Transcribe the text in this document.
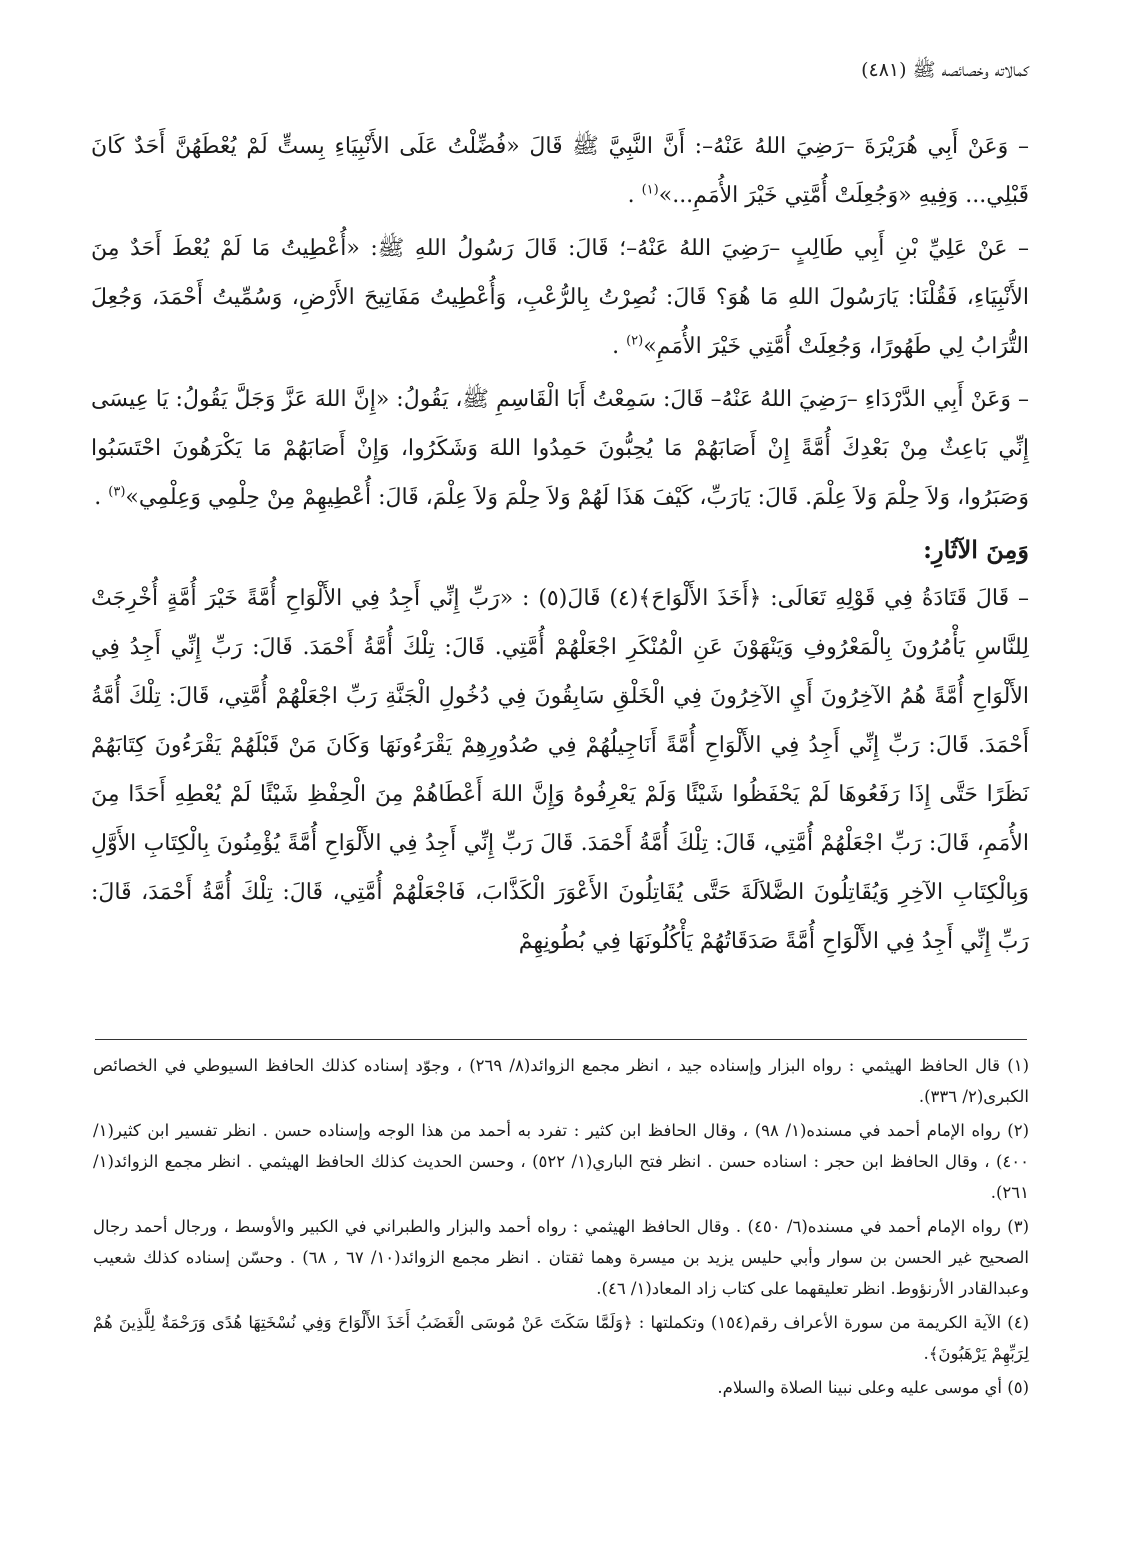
كمالاته وخصائصه ﷺ (٤٨١)

– وَعَنْ أَبِي هُرَيْرَةَ –رَضِيَ اللهُ عَنْهُ–: أَنَّ النَّبِيَّ ﷺ قَالَ «فُضِّلْتُ عَلَى الأَنْبِيَاءِ بِستٍّ لَمْ يُعْطَهُنَّ أَحَدٌ كَانَ قَبْلِي... وَفِيهِ «وَجُعِلَتْ أُمَّتِي خَيْرَ الأُمَمِ...»$^{(١)}$ .

– عَنْ عَلِيِّ بْنِ أَبِي طَالِبٍ –رَضِيَ اللهُ عَنْهُ–؛ قَالَ: قَالَ رَسُولُ اللهِ ﷺ: «أُعْطِيتُ مَا لَمْ يُعْطَ أَحَدٌ مِنَ الأَنْبِيَاءِ، فَقُلْنَا: يَارَسُولَ اللهِ مَا هُوَ؟ قَالَ: نُصِرْتُ بِالرُّعْبِ، وَأُعْطِيتُ مَفَاتِيحَ الأَرْضِ، وَسُمِّيتُ أَحْمَدَ، وَجُعِلَ التُّرَابُ لِي طَهُورًا، وَجُعِلَتْ أُمَّتِي خَيْرَ الأُمَمِ»$^{(٢)}$ .

– وَعَنْ أَبِي الدَّرْدَاءِ –رَضِيَ اللهُ عَنْهُ– قَالَ: سَمِعْتُ أَبَا الْقَاسِمِ ﷺ، يَقُولُ: «إِنَّ اللهَ عَزَّ وَجَلَّ يَقُولُ: يَا عِيسَى إِنِّي بَاعِثٌ مِنْ بَعْدِكَ أُمَّةً إِنْ أَصَابَهُمْ مَا يُحِبُّونَ حَمِدُوا اللهَ وَشَكَرُوا، وَإِنْ أَصَابَهُمْ مَا يَكْرَهُونَ احْتَسَبُوا وَصَبَرُوا، وَلاَ حِلْمَ وَلاَ عِلْمَ. قَالَ: يَارَبِّ، كَيْفَ هَذَا لَهُمْ وَلاَ حِلْمَ وَلاَ عِلْمَ، قَالَ: أُعْطِيهِمْ مِنْ حِلْمِي وَعِلْمِي»$^{(٣)}$ .

وَمِنَ الآثَارِ:

– قَالَ قَتَادَةُ فِي قَوْلِهِ تَعَالَى: ﴿أَخَذَ الأَلْوَاحَ﴾(٤) قَالَ(٥) : «رَبِّ إِنِّي أَجِدُ فِي الأَلْوَاحِ أُمَّةً خَيْرَ أُمَّةٍ أُخْرِجَتْ لِلنَّاسِ يَأْمُرُونَ بِالْمَعْرُوفِ وَيَنْهَوْنَ عَنِ الْمُنْكَرِ اجْعَلْهُمْ أُمَّتِي. قَالَ: تِلْكَ أُمَّةُ أَحْمَدَ. قَالَ: رَبِّ إِنِّي أَجِدُ فِي الأَلْوَاحِ أُمَّةً هُمُ الآخِرُونَ أَيِ الآخِرُونَ فِي الْخَلْقِ سَابِقُونَ فِي دُخُولِ الْجَنَّةِ رَبِّ اجْعَلْهُمْ أُمَّتِي، قَالَ: تِلْكَ أُمَّةُ أَحْمَدَ. قَالَ: رَبِّ إِنِّي أَجِدُ فِي الأَلْوَاحِ أُمَّةً أَنَاجِيلُهُمْ فِي صُدُورِهِمْ يَقْرَءُونَهَا وَكَانَ مَنْ قَبْلَهُمْ يَقْرَءُونَ كِتَابَهُمْ نَظَرًا حَتَّى إِذَا رَفَعُوهَا لَمْ يَحْفَظُوا شَيْئًا وَلَمْ يَعْرِفُوهُ وَإِنَّ اللهَ أَعْطَاهُمْ مِنَ الْحِفْظِ شَيْئًا لَمْ يُعْطِهِ أَحَدًا مِنَ الأُمَمِ، قَالَ: رَبِّ اجْعَلْهُمْ أُمَّتِي، قَالَ: تِلْكَ أُمَّةُ أَحْمَدَ. قَالَ رَبِّ إِنِّي أَجِدُ فِي الأَلْوَاحِ أُمَّةً يُؤْمِنُونَ بِالْكِتَابِ الأَوَّلِ وَبِالْكِتَابِ الآخِرِ وَيُقَاتِلُونَ الضَّلاَلَةَ حَتَّى يُقَاتِلُونَ الأَعْوَرَ الْكَذَّابَ، فَاجْعَلْهُمْ أُمَّتِي، قَالَ: تِلْكَ أُمَّةُ أَحْمَدَ، قَالَ: رَبِّ إِنِّي أَجِدُ فِي الأَلْوَاحِ أُمَّةً صَدَقَاتُهُمْ يَأْكُلُونَهَا فِي بُطُونِهِمْ

(١) قال الحافظ الهيثمي : رواه البزار وإسناده جيد ، انظر مجمع الزوائد(٨/ ٢٦٩) ، وجوّد إسناده كذلك الحافظ السيوطي في الخصائص الكبرى(٢/ ٣٣٦).

(٢) رواه الإمام أحمد في مسنده(١/ ٩٨) ، وقال الحافظ ابن كثير : تفرد به أحمد من هذا الوجه وإسناده حسن . انظر تفسير ابن كثير(١/ ٤٠٠) ، وقال الحافظ ابن حجر : اسناده حسن . انظر فتح الباري(١/ ٥٢٢) ، وحسن الحديث كذلك الحافظ الهيثمي . انظر مجمع الزوائد(١/ ٢٦١).

(٣) رواه الإمام أحمد في مسنده(٦/ ٤٥٠) . وقال الحافظ الهيثمي : رواه أحمد والبزار والطبراني في الكبير والأوسط ، ورجال أحمد رجال الصحيح غير الحسن بن سوار وأبي حليس يزيد بن ميسرة وهما ثقتان . انظر مجمع الزوائد(١٠/ ٦٧ , ٦٨) . وحسّن إسناده كذلك شعيب وعبدالقادر الأرنؤوط. انظر تعليقهما على كتاب زاد المعاد(١/ ٤٦).

(٤) الآية الكريمة من سورة الأعراف رقم(١٥٤) وتكملتها : ﴿وَلَمَّا سَكَتَ عَنْ مُوسَى الْغَضَبُ أَخَذَ الأَلْوَاحَ وَفِي نُسْخَتِهَا هُدًى وَرَحْمَةٌ لِلَّذِينَ هُمْ لِرَبِّهِمْ يَرْهَبُونَ﴾.

(٥) أي موسى عليه وعلى نبينا الصلاة والسلام.
